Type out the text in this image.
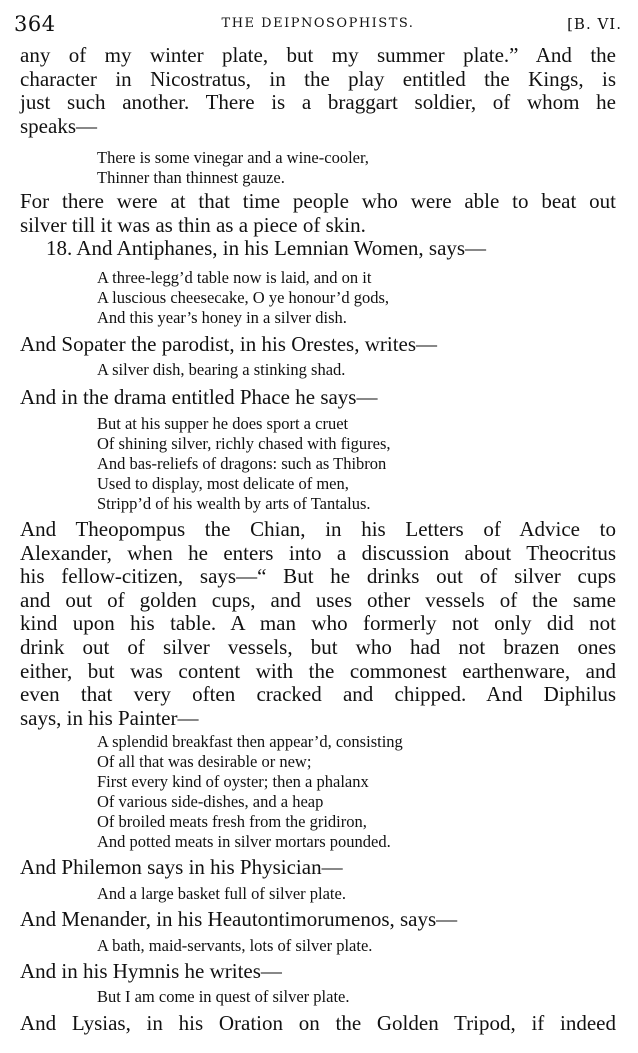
364	THE DEIPNOSOPHISTS.	[B. VI.
any of my winter plate, but my summer plate.” And the
character in Nicostratus, in the play entitled the Kings, is
just such another. There is a braggart soldier, of whom he
speaks—
There is some vinegar and a wine-cooler,
Thinner than thinnest gauze.
For there were at that time people who were able to beat out
silver till it was as thin as a piece of skin.
18. And Antiphanes, in his Lemnian Women, says—
A three-legg’d table now is laid, and on it
A luscious cheesecake, O ye honour’d gods,
And this year’s honey in a silver dish.
And Sopater the parodist, in his Orestes, writes—
A silver dish, bearing a stinking shad.
And in the drama entitled Phace he says—
But at his supper he does sport a cruet
Of shining silver, richly chased with figures,
And bas-reliefs of dragons: such as Thibron
Used to display, most delicate of men,
Stripp’d of his wealth by arts of Tantalus.
And Theopompus the Chian, in his Letters of Advice to
Alexander, when he enters into a discussion about Theocritus
his fellow-citizen, says—“ But he drinks out of silver cups
and out of golden cups, and uses other vessels of the same
kind upon his table. A man who formerly not only did not
drink out of silver vessels, but who had not brazen ones
either, but was content with the commonest earthenware, and
even that very often cracked and chipped. And Diphilus
says, in his Painter—
A splendid breakfast then appear’d, consisting
Of all that was desirable or new;
First every kind of oyster; then a phalanx
Of various side-dishes, and a heap
Of broiled meats fresh from the gridiron,
And potted meats in silver mortars pounded.
And Philemon says in his Physician—
And a large basket full of silver plate.
And Menander, in his Heautontimorumenos, says—
A bath, maid-servants, lots of silver plate.
And in his Hymnis he writes—
But I am come in quest of silver plate.
And Lysias, in his Oration on the Golden Tripod, if indeed
